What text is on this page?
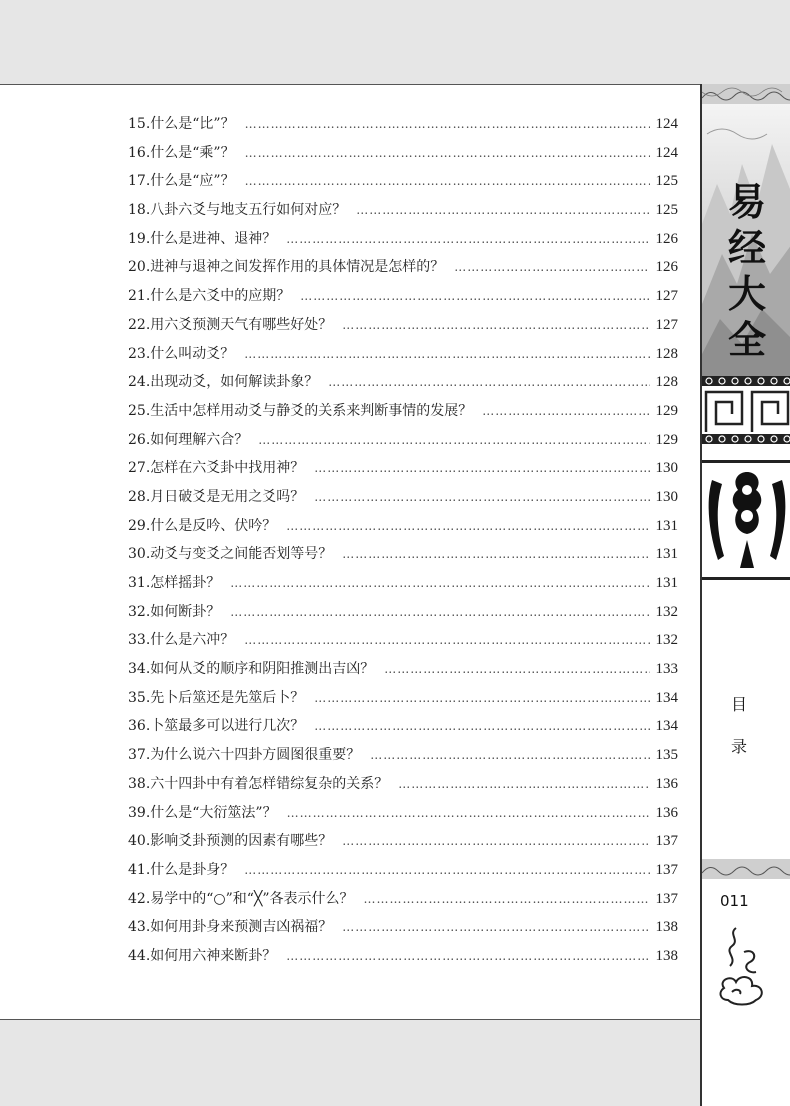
15.什么是“比”？ ……………………………………………………………………………………………………………………	124
16.什么是“乘”？ ……………………………………………………………………………………………………………………	124
17.什么是“应”？ ……………………………………………………………………………………………………………………	125
18.八卦六爻与地支五行如何对应？ ……………………………………………………………………………………………………………………	125
19.什么是进神、退神？ ……………………………………………………………………………………………………………………	126
20.进神与退神之间发挥作用的具体情况是怎样的？ ……………………………………………………………………………………………………………………	126
21.什么是六爻中的应期？ ……………………………………………………………………………………………………………………	127
22.用六爻预测天气有哪些好处？ ……………………………………………………………………………………………………………………	127
23.什么叫动爻？ ……………………………………………………………………………………………………………………	128
24.出现动爻，如何解读卦象？ ……………………………………………………………………………………………………………………	128
25.生活中怎样用动爻与静爻的关系来判断事情的发展？ ……………………………………………………………………………………………………………………	129
26.如何理解六合？ ……………………………………………………………………………………………………………………	129
27.怎样在六爻卦中找用神？ ……………………………………………………………………………………………………………………	130
28.月日破爻是无用之爻吗？ ……………………………………………………………………………………………………………………	130
29.什么是反吟、伏吟？ ……………………………………………………………………………………………………………………	131
30.动爻与变爻之间能否划等号？ ……………………………………………………………………………………………………………………	131
31.怎样摇卦？ ……………………………………………………………………………………………………………………	131
32.如何断卦？ ……………………………………………………………………………………………………………………	132
33.什么是六冲？ ……………………………………………………………………………………………………………………	132
34.如何从爻的顺序和阴阳推测出吉凶？ ……………………………………………………………………………………………………………………	133
35.先卜后筮还是先筮后卜？ ……………………………………………………………………………………………………………………	134
36.卜筮最多可以进行几次？ ……………………………………………………………………………………………………………………	134
37.为什么说六十四卦方圆图很重要？ ……………………………………………………………………………………………………………………	135
38.六十四卦中有着怎样错综复杂的关系？ ……………………………………………………………………………………………………………………	136
39.什么是“大衍筮法”？ ……………………………………………………………………………………………………………………	136
40.影响爻卦预测的因素有哪些？ ……………………………………………………………………………………………………………………	137
41.什么是卦身？ ……………………………………………………………………………………………………………………	137
42.易学中的“○”和“╳”各表示什么？ ……………………………………………………………………………………………………………………	137
43.如何用卦身来预测吉凶祸福？ ……………………………………………………………………………………………………………………	138
44.如何用六神来断卦？ ……………………………………………………………………………………………………………………	138
易
经
大
全
目
录
011
